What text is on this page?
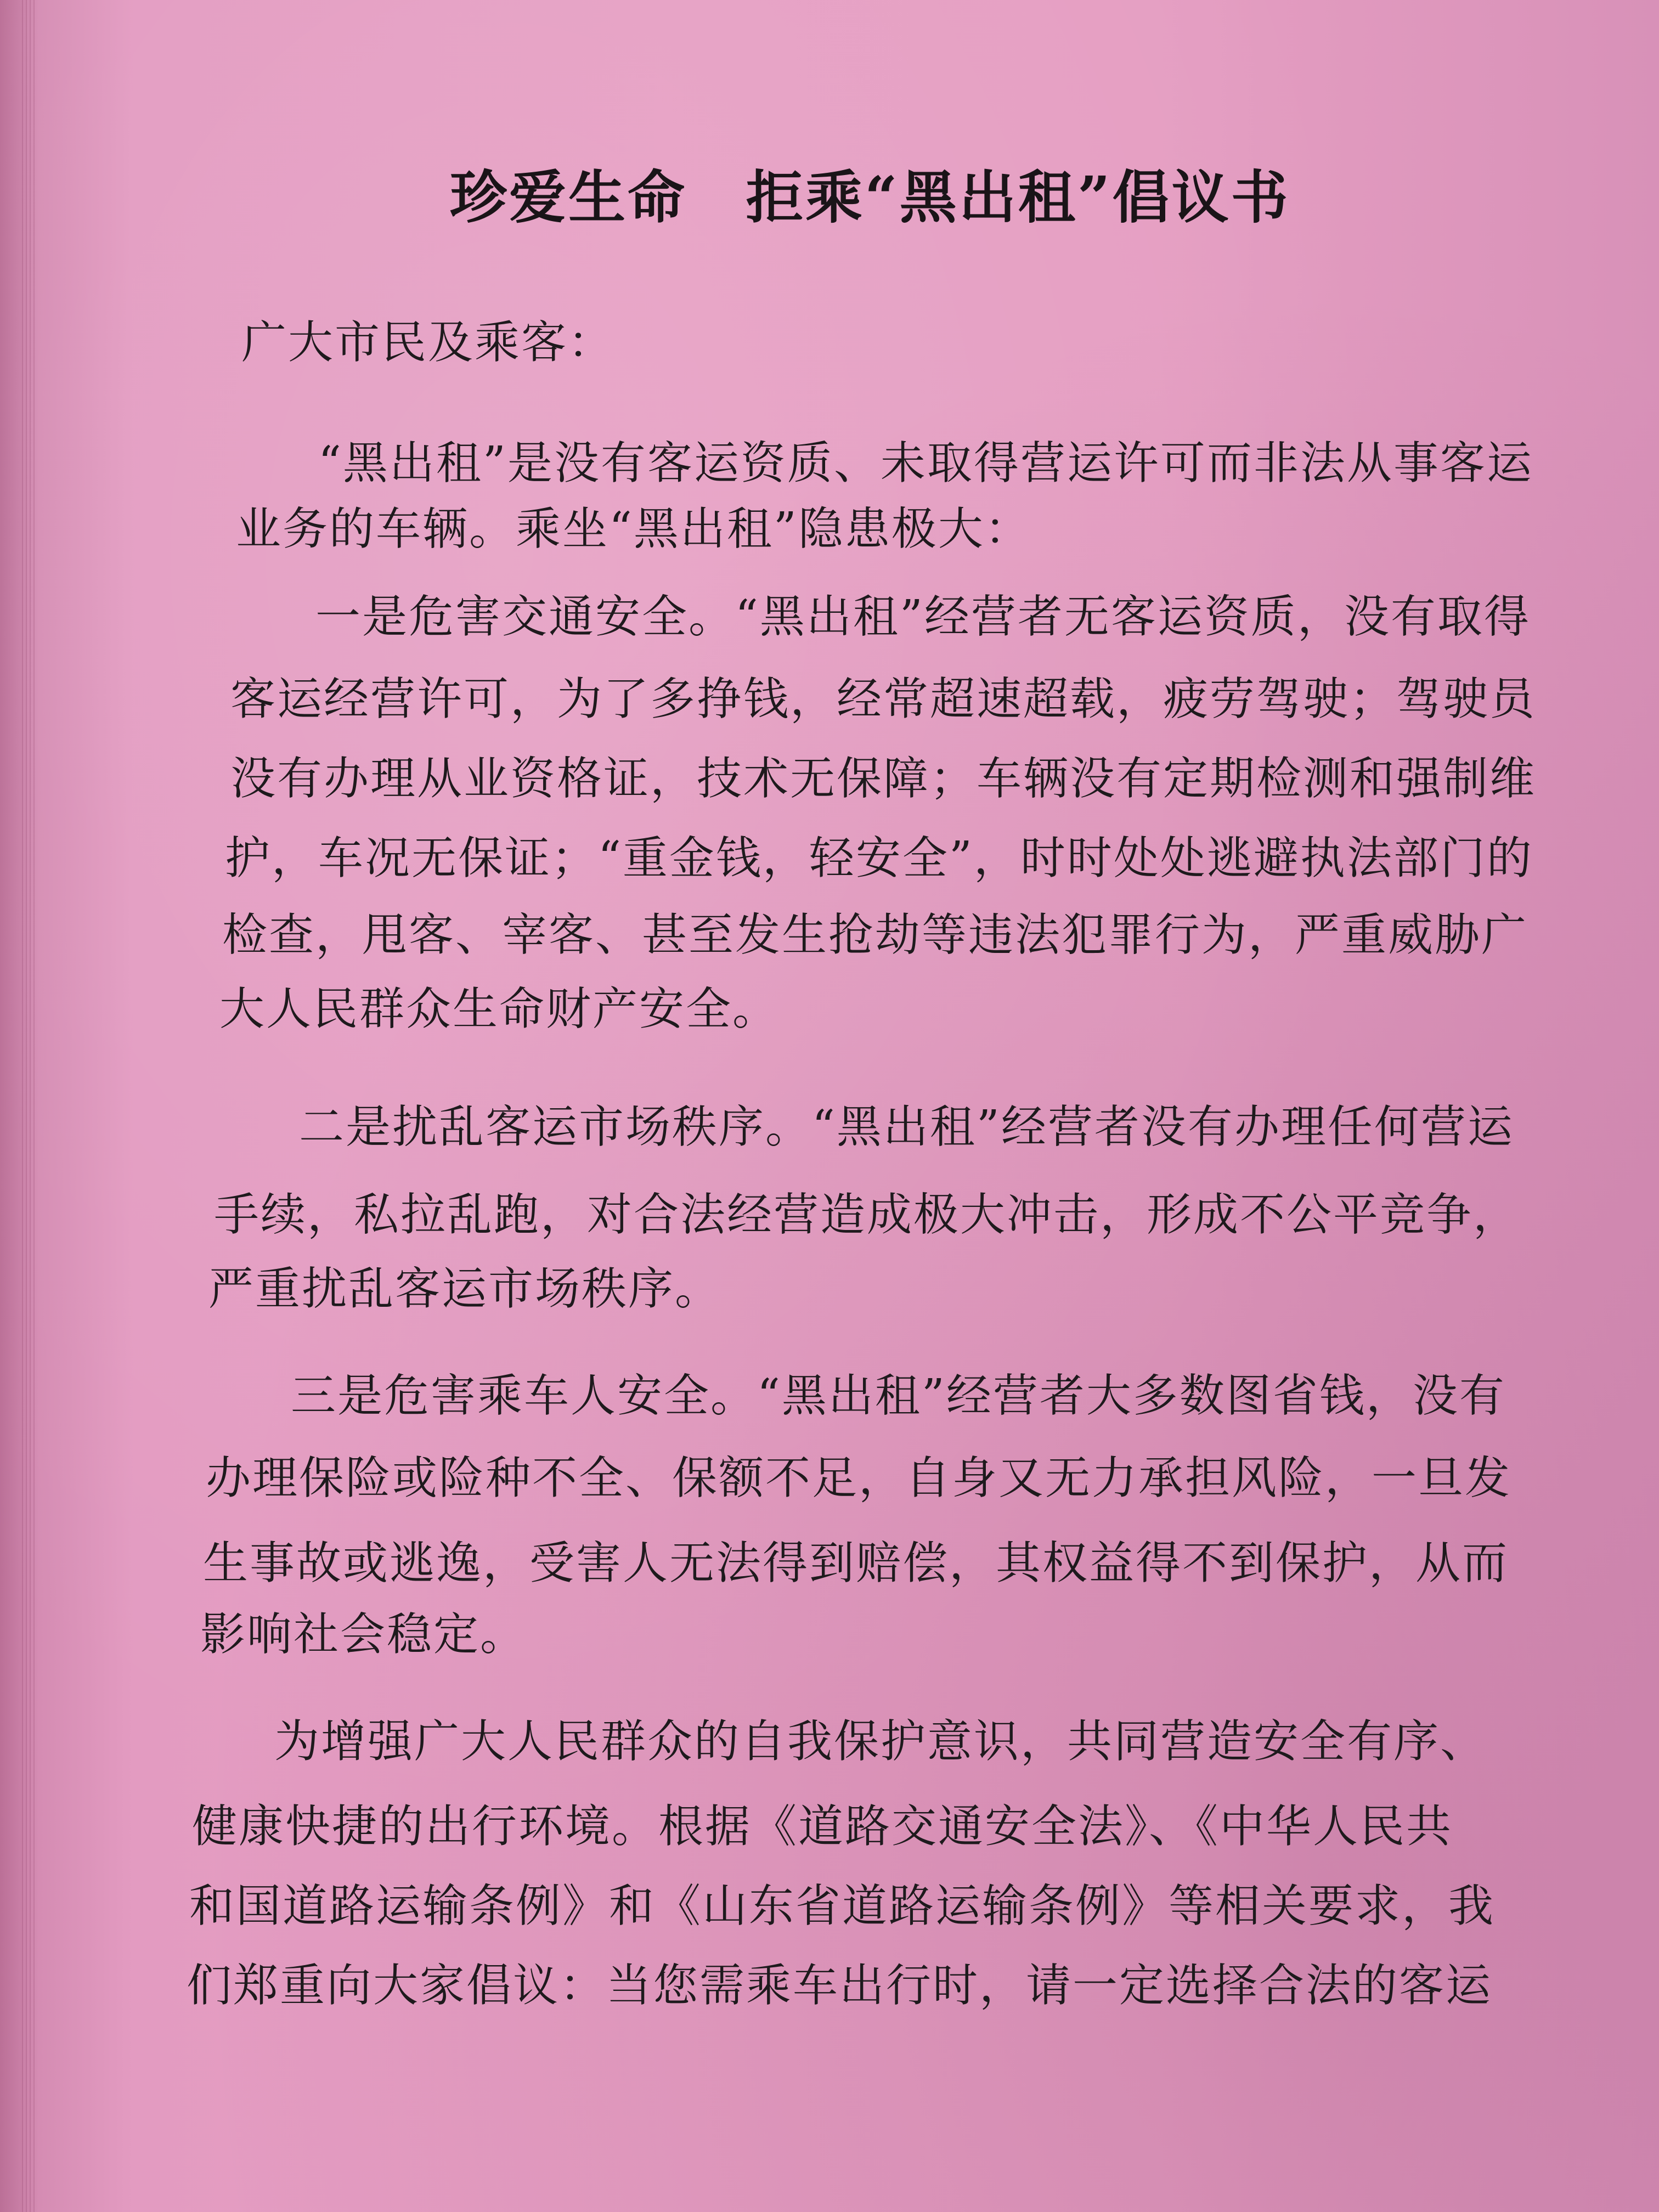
珍爱生命　拒乘“黑出租”倡议书
广大市民及乘客：
“黑出租”是没有客运资质、未取得营运许可而非法从事客运
业务的车辆。乘坐“黑出租”隐患极大：
一是危害交通安全。“黑出租”经营者无客运资质，没有取得
客运经营许可，为了多挣钱，经常超速超载，疲劳驾驶；驾驶员
没有办理从业资格证，技术无保障；车辆没有定期检测和强制维
护，车况无保证；“重金钱，轻安全”，时时处处逃避执法部门的
检查，甩客、宰客、甚至发生抢劫等违法犯罪行为，严重威胁广
大人民群众生命财产安全。
二是扰乱客运市场秩序。“黑出租”经营者没有办理任何营运
手续，私拉乱跑，对合法经营造成极大冲击，形成不公平竞争，
严重扰乱客运市场秩序。
三是危害乘车人安全。“黑出租”经营者大多数图省钱，没有
办理保险或险种不全、保额不足，自身又无力承担风险，一旦发
生事故或逃逸，受害人无法得到赔偿，其权益得不到保护，从而
影响社会稳定。
为增强广大人民群众的自我保护意识，共同营造安全有序、
健康快捷的出行环境。根据《道路交通安全法》、《中华人民共
和国道路运输条例》和《山东省道路运输条例》等相关要求，我
们郑重向大家倡议：当您需乘车出行时，请一定选择合法的客运
